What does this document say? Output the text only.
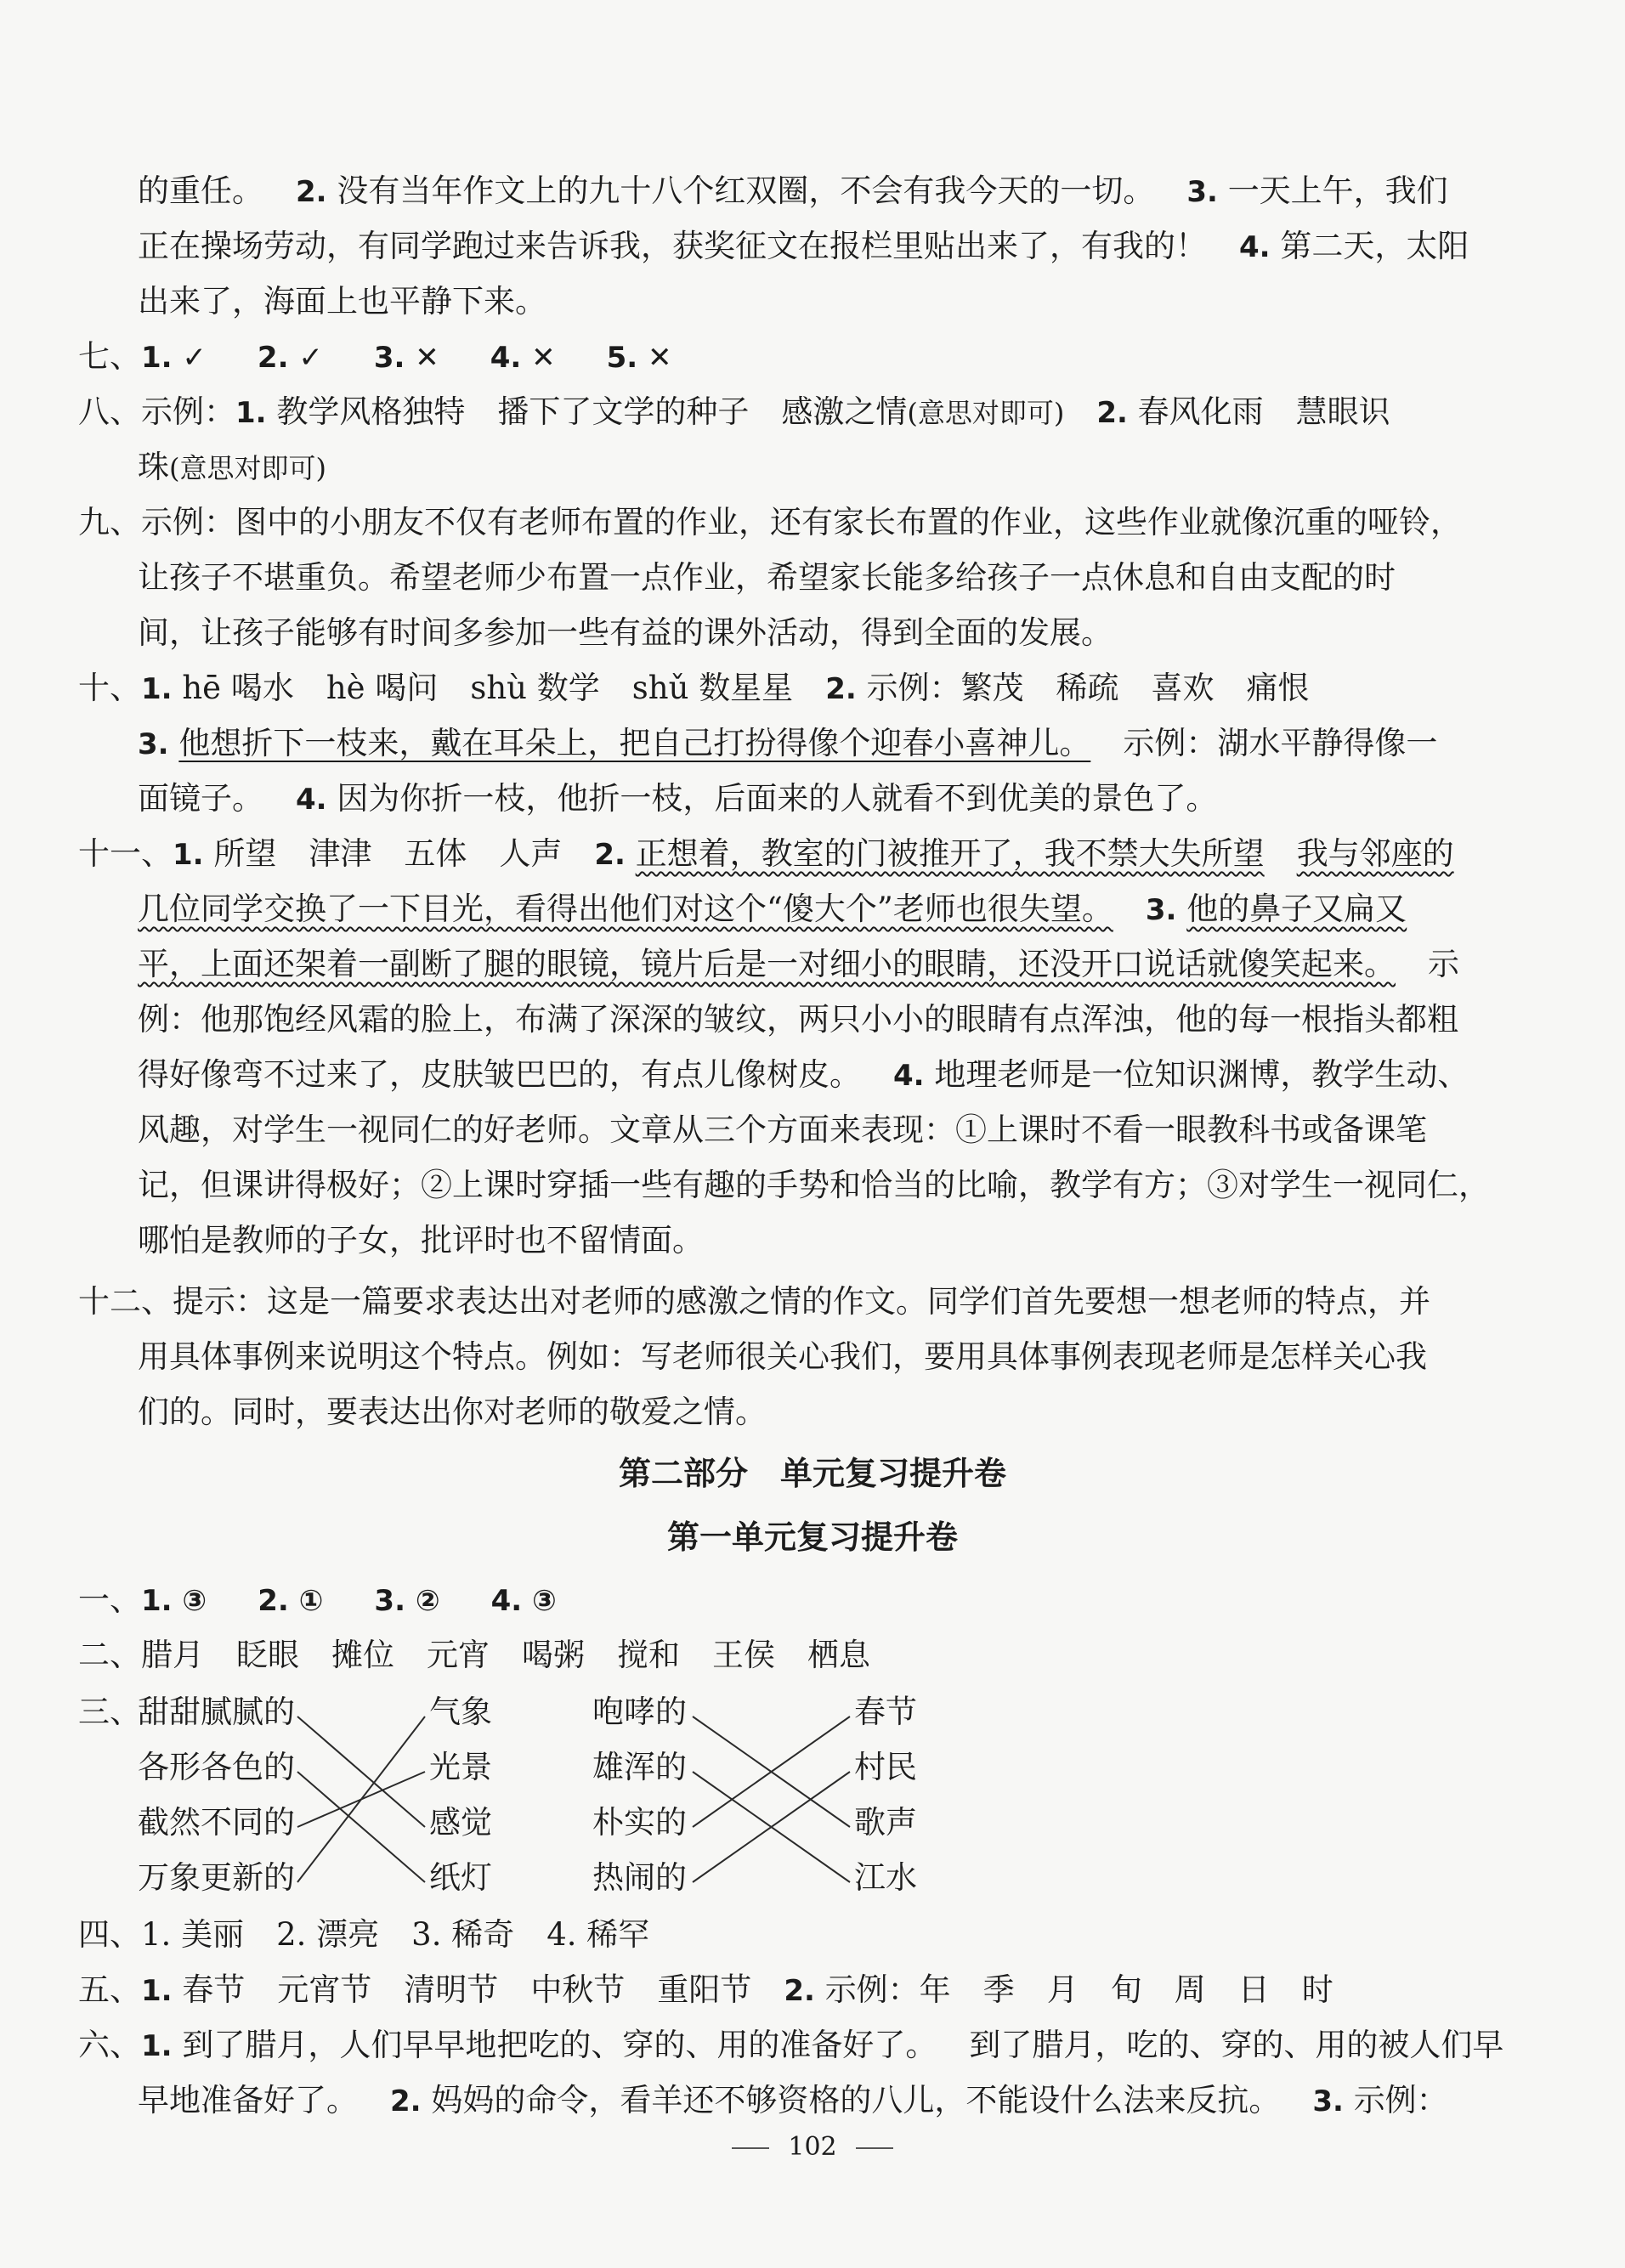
的重任。 2. 没有当年作文上的九十八个红双圈，不会有我今天的一切。 3. 一天上午，我们
正在操场劳动，有同学跑过来告诉我，获奖征文在报栏里贴出来了，有我的！ 4. 第二天，太阳
出来了，海面上也平静下来。
七、1. ✓ 2. ✓ 3. ✕ 4. ✕ 5. ✕
八、示例：1. 教学风格独特 播下了文学的种子 感激之情(意思对即可) 2. 春风化雨 慧眼识
珠(意思对即可)
九、示例：图中的小朋友不仅有老师布置的作业，还有家长布置的作业，这些作业就像沉重的哑铃，
让孩子不堪重负。希望老师少布置一点作业，希望家长能多给孩子一点休息和自由支配的时
间，让孩子能够有时间多参加一些有益的课外活动，得到全面的发展。
十、1. hē 喝水 hè 喝问 shù 数学 shǔ 数星星 2. 示例：繁茂 稀疏 喜欢 痛恨
3. 他想折下一枝来，戴在耳朵上，把自己打扮得像个迎春小喜神儿。 示例：湖水平静得像一
面镜子。 4. 因为你折一枝，他折一枝，后面来的人就看不到优美的景色了。
十一、1. 所望 津津 五体 人声 2. 正想着，教室的门被推开了，我不禁大失所望 我与邻座的
几位同学交换了一下目光，看得出他们对这个“傻大个”老师也很失望。 3. 他的鼻子又扁又
平，上面还架着一副断了腿的眼镜，镜片后是一对细小的眼睛，还没开口说话就傻笑起来。 示
例：他那饱经风霜的脸上，布满了深深的皱纹，两只小小的眼睛有点浑浊，他的每一根指头都粗
得好像弯不过来了，皮肤皱巴巴的，有点儿像树皮。 4. 地理老师是一位知识渊博，教学生动、
风趣，对学生一视同仁的好老师。文章从三个方面来表现：①上课时不看一眼教科书或备课笔
记，但课讲得极好；②上课时穿插一些有趣的手势和恰当的比喻，教学有方；③对学生一视同仁，
哪怕是教师的子女，批评时也不留情面。
十二、提示：这是一篇要求表达出对老师的感激之情的作文。同学们首先要想一想老师的特点，并
用具体事例来说明这个特点。例如：写老师很关心我们，要用具体事例表现老师是怎样关心我
们的。同时，要表达出你对老师的敬爱之情。
第二部分　单元复习提升卷
第一单元复习提升卷
一、1. ③ 2. ① 3. ② 4. ③
二、腊月 眨眼 摊位 元宵 喝粥 搅和 王侯 栖息
三、
甜甜腻腻的
各形各色的
截然不同的
万象更新的
气象
光景
感觉
纸灯
咆哮的
雄浑的
朴实的
热闹的
春节
村民
歌声
江水
四、1. 美丽 2. 漂亮 3. 稀奇 4. 稀罕
五、1. 春节 元宵节 清明节 中秋节 重阳节 2. 示例：年 季 月 旬 周 日 时
六、1. 到了腊月，人们早早地把吃的、穿的、用的准备好了。 到了腊月，吃的、穿的、用的被人们早
早地准备好了。 2. 妈妈的命令，看羊还不够资格的八儿，不能设什么法来反抗。 3. 示例：
102
